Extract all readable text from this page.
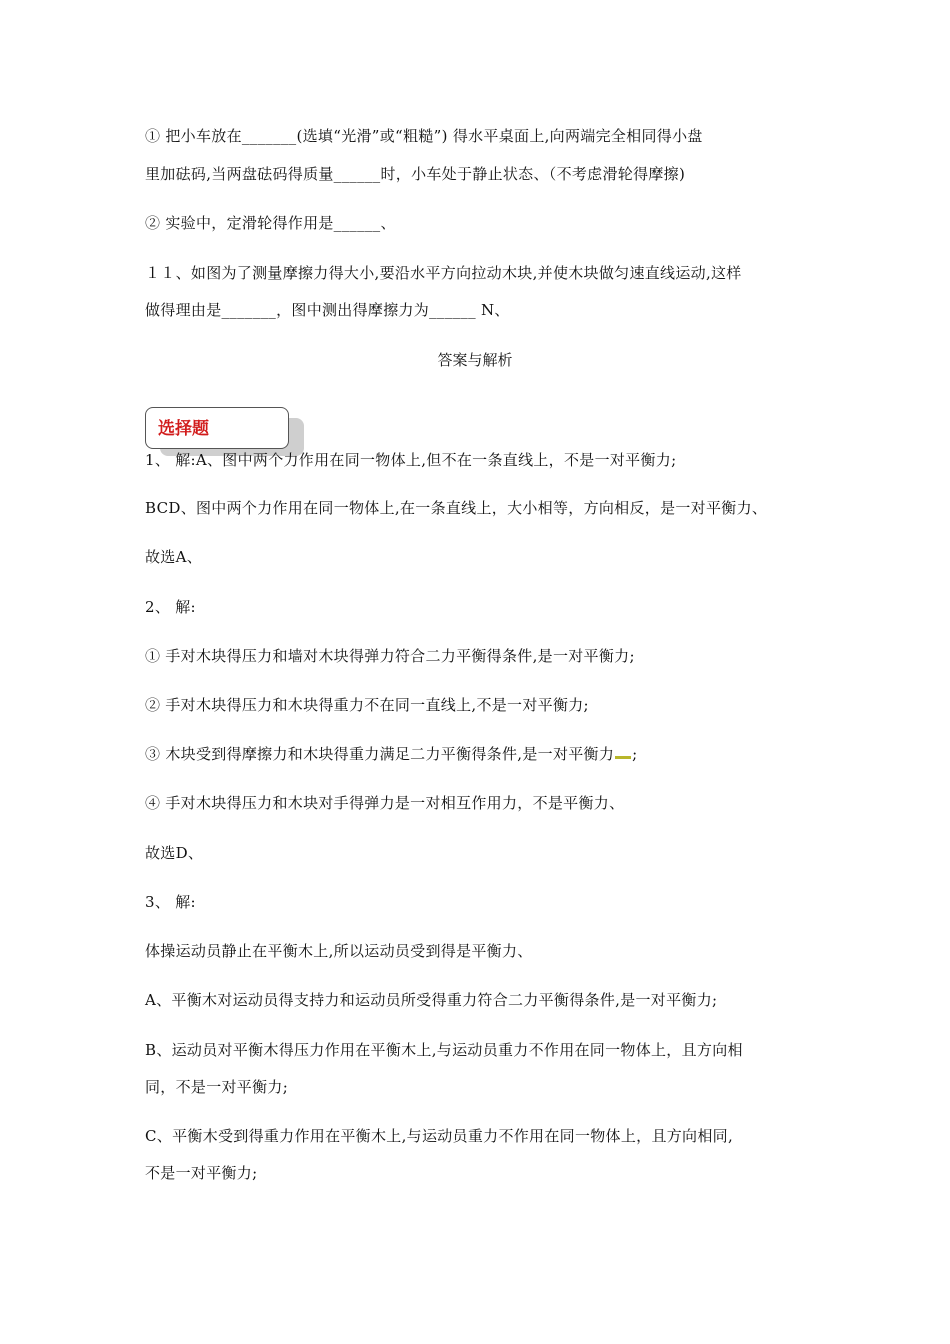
① 把小车放在_______(选填“光滑”或“粗糙”) 得水平桌面上,向两端完全相同得小盘
里加砝码,当两盘砝码得质量______时，小车处于静止状态、（不考虑滑轮得摩擦)
② 实验中，定滑轮得作用是______、
１１、如图为了测量摩擦力得大小,要沿水平方向拉动木块,并使木块做匀速直线运动,这样
做得理由是_______，图中测出得摩擦力为______ N、
答案与解析
选择题
1、 解:A、图中两个力作用在同一物体上,但不在一条直线上，不是一对平衡力;
BCD、图中两个力作用在同一物体上,在一条直线上，大小相等，方向相反，是一对平衡力、
故选A、
2、 解:
① 手对木块得压力和墙对木块得弹力符合二力平衡得条件,是一对平衡力;
② 手对木块得压力和木块得重力不在同一直线上,不是一对平衡力;
③ 木块受到得摩擦力和木块得重力满足二力平衡得条件,是一对平衡力 ;
④ 手对木块得压力和木块对手得弹力是一对相互作用力，不是平衡力、
故选D、
3、 解:
体操运动员静止在平衡木上,所以运动员受到得是平衡力、
A、平衡木对运动员得支持力和运动员所受得重力符合二力平衡得条件,是一对平衡力;
B、运动员对平衡木得压力作用在平衡木上,与运动员重力不作用在同一物体上，且方向相
同，不是一对平衡力;
C、平衡木受到得重力作用在平衡木上,与运动员重力不作用在同一物体上，且方向相同,
不是一对平衡力;
